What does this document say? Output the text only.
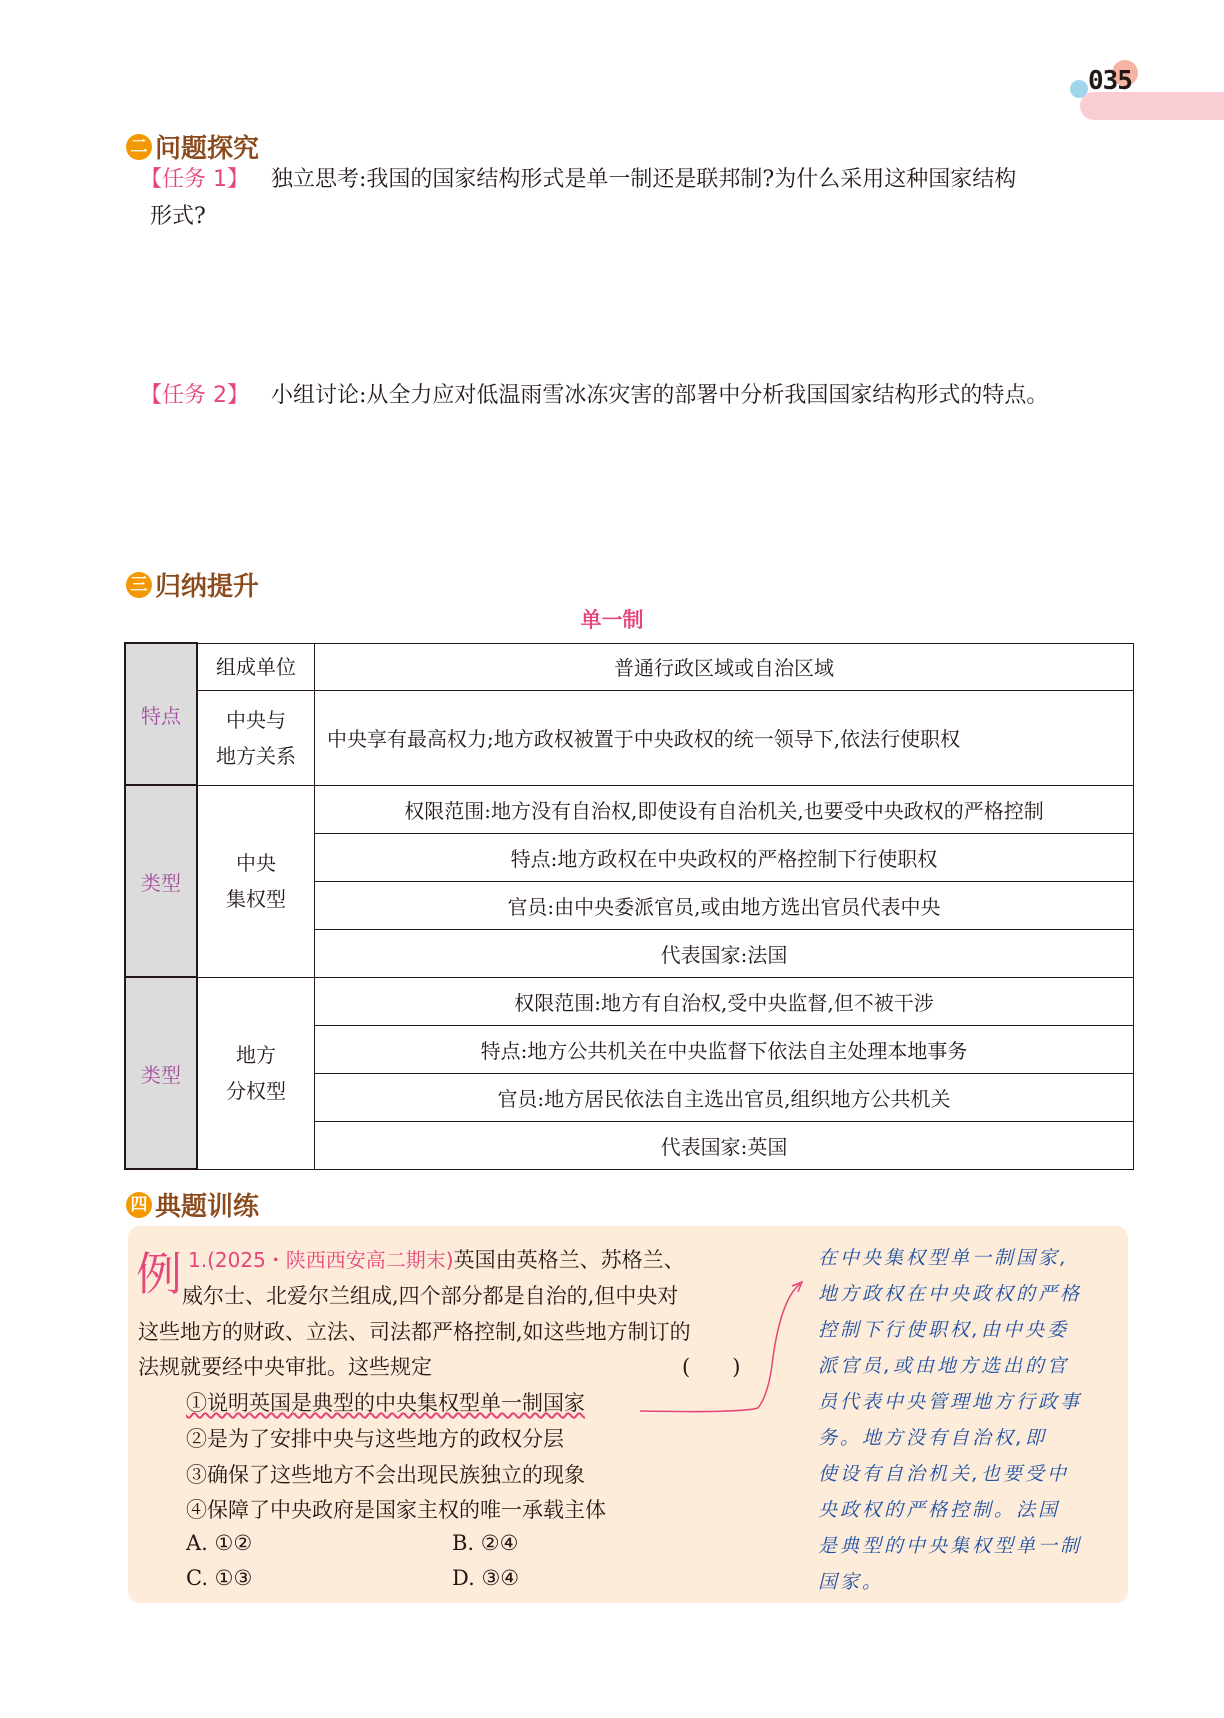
035
二 问题探究
【任务 1】 独立思考:我国的国家结构形式是单一制还是联邦制?为什么采用这种国家结构
形式?
【任务 2】 小组讨论:从全力应对低温雨雪冰冻灾害的部署中分析我国国家结构形式的特点。
三 归纳提升
单一制
特点	组成单位	普通行政区域或自治区域
	中央与
地方关系	中央享有最高权力;地方政权被置于中央政权的统一领导下,依法行使职权
类型	中央
集权型	权限范围:地方没有自治权,即使设有自治机关,也要受中央政权的严格控制
		特点:地方政权在中央政权的严格控制下行使职权
		官员:由中央委派官员,或由地方选出官员代表中央
		代表国家:法国
类型	地方
分权型	权限范围:地方有自治权,受中央监督,但不被干涉
		特点:地方公共机关在中央监督下依法自主处理本地事务
		官员:地方居民依法自主选出官员,组织地方公共机关
		代表国家:英国
四 典题训练
例 1.(2025・陕西西安高二期末)英国由英格兰、苏格兰、
威尔士、北爱尔兰组成,四个部分都是自治的,但中央对
这些地方的财政、立法、司法都严格控制,如这些地方制订的
法规就要经中央审批。这些规定	(　　)
①说明英国是典型的中央集权型单一制国家
②是为了安排中央与这些地方的政权分层
③确保了这些地方不会出现民族独立的现象
④保障了中央政府是国家主权的唯一承载主体
A. ①②	B. ②④
C. ①③	D. ③④
在中央集权型单一制国家,
地方政权在中央政权的严格
控制下行使职权,由中央委
派官员,或由地方选出的官
员代表中央管理地方行政事
务。地方没有自治权,即
使设有自治机关,也要受中
央政权的严格控制。法国
是典型的中央集权型单一制
国家。
